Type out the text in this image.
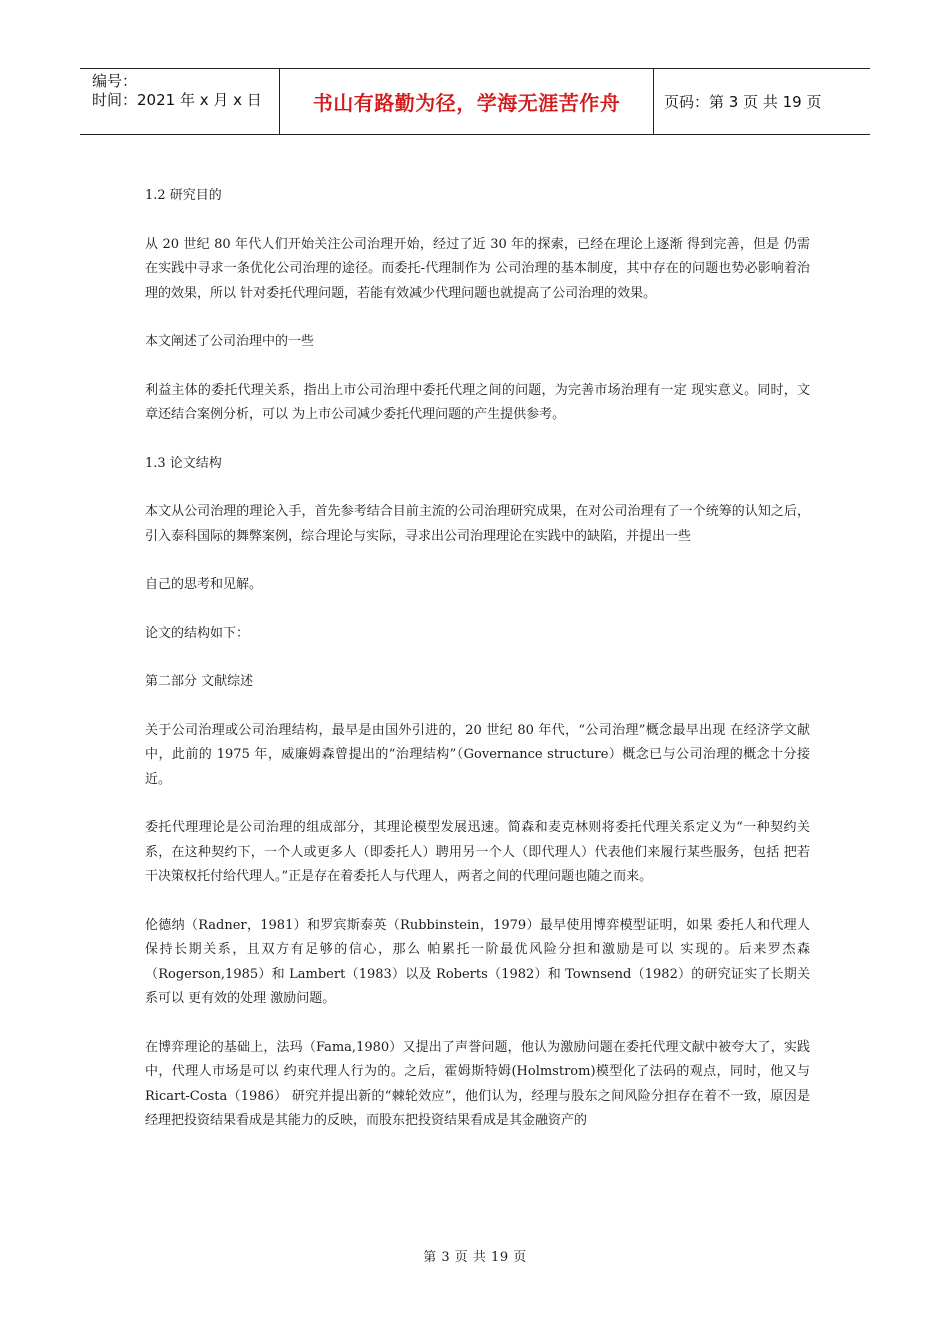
编号：
时间：2021 年 x 月 x 日	书山有路勤为径，学海无涯苦作舟	页码：第 3 页 共 19 页

1.2 研究目的

从 20 世纪 80 年代人们开始关注公司治理开始，经过了近 30 年的探索，已经在理论上逐渐 得到完善，但是 仍需在实践中寻求一条优化公司治理的途径。而委托-代理制作为 公司治理的基本制度，其中存在的问题也势必影响着治理的效果，所以 针对委托代理问题，若能有效减少代理问题也就提高了公司治理的效果。

本文阐述了公司治理中的一些

利益主体的委托代理关系，指出上市公司治理中委托代理之间的问题，为完善市场治理有一定 现实意义。同时，文章还结合案例分析，可以 为上市公司减少委托代理问题的产生提供参考。

1.3 论文结构

本文从公司治理的理论入手，首先参考结合目前主流的公司治理研究成果，在对公司治理有了一个统筹的认知之后，引入泰科国际的舞弊案例，综合理论与实际，寻求出公司治理理论在实践中的缺陷，并提出一些

自己的思考和见解。

论文的结构如下：

第二部分 文献综述

关于公司治理或公司治理结构，最早是由国外引进的，20 世纪 80 年代，“公司治理”概念最早出现 在经济学文献中，此前的 1975 年，威廉姆森曾提出的“治理结构”（Governance structure）概念已与公司治理的概念十分接近。

委托代理理论是公司治理的组成部分，其理论模型发展迅速。简森和麦克林则将委托代理关系定义为“一种契约关系，在这种契约下，一个人或更多人（即委托人）聘用另一个人（即代理人）代表他们来履行某些服务，包括 把若干决策权托付给代理人。”正是存在着委托人与代理人，两者之间的代理问题也随之而来。

伦德纳（Radner，1981）和罗宾斯泰英（Rubbinstein，1979）最早使用博弈模型证明，如果 委托人和代理人保持长期关系，且双方有足够的信心，那么 帕累托一阶最优风险分担和激励是可以 实现的。后来罗杰森（Rogerson,1985）和 Lambert（1983）以及 Roberts（1982）和 Townsend（1982）的研究证实了长期关系可以 更有效的处理 激励问题。

在博弈理论的基础上，法玛（Fama,1980）又提出了声誉问题，他认为激励问题在委托代理文献中被夸大了，实践中，代理人市场是可以 约束代理人行为的。之后，霍姆斯特姆(Holmstrom)模型化了法码的观点，同时，他又与 Ricart-Costa（1986） 研究并提出新的“棘轮效应”，他们认为，经理与股东之间风险分担存在着不一致，原因是经理把投资结果看成是其能力的反映，而股东把投资结果看成是其金融资产的

第 3 页 共 19 页
